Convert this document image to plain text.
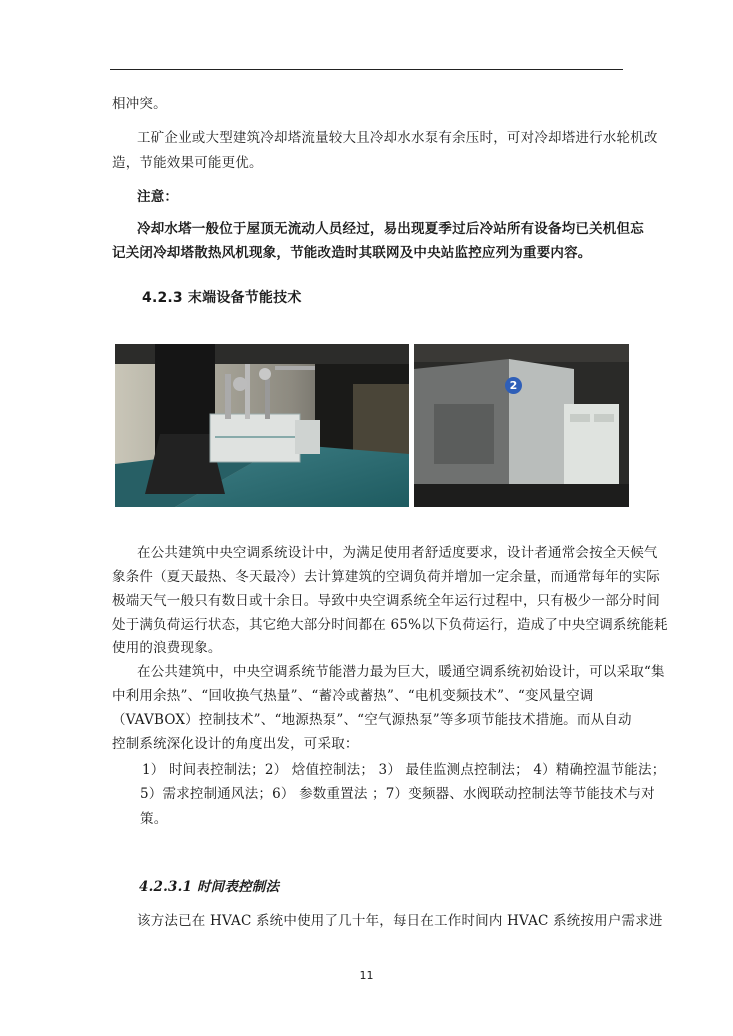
相冲突。
工矿企业或大型建筑冷却塔流量较大且冷却水水泵有余压时，可对冷却塔进行水轮机改
造，节能效果可能更优。
注意：
冷却水塔一般位于屋顶无流动人员经过，易出现夏季过后冷站所有设备均已关机但忘
记关闭冷却塔散热风机现象，节能改造时其联网及中央站监控应列为重要内容。
4.2.3 末端设备节能技术
2
在公共建筑中央空调系统设计中，为满足使用者舒适度要求，设计者通常会按全天候气
象条件（夏天最热、冬天最冷）去计算建筑的空调负荷并增加一定余量，而通常每年的实际
极端天气一般只有数日或十余日。导致中央空调系统全年运行过程中，只有极少一部分时间
处于满负荷运行状态，其它绝大部分时间都在 65%以下负荷运行，造成了中央空调系统能耗
使用的浪费现象。
在公共建筑中，中央空调系统节能潜力最为巨大，暖通空调系统初始设计，可以采取“集
中利用余热”、“回收换气热量”、“蓄冷或蓄热”、“电机变频技术”、“变风量空调
（VAVBOX）控制技术”、“地源热泵”、“空气源热泵”等多项节能技术措施。而从自动
控制系统深化设计的角度出发，可采取：
1） 时间表控制法；2） 焓值控制法； 3） 最佳监测点控制法； 4）精确控温节能法；
5）需求控制通风法；6） 参数重置法 ；7）变频器、水阀联动控制法等节能技术与对
策。
4.2.3.1 时间表控制法
该方法已在 HVAC 系统中使用了几十年，每日在工作时间内 HVAC 系统按用户需求进
11
